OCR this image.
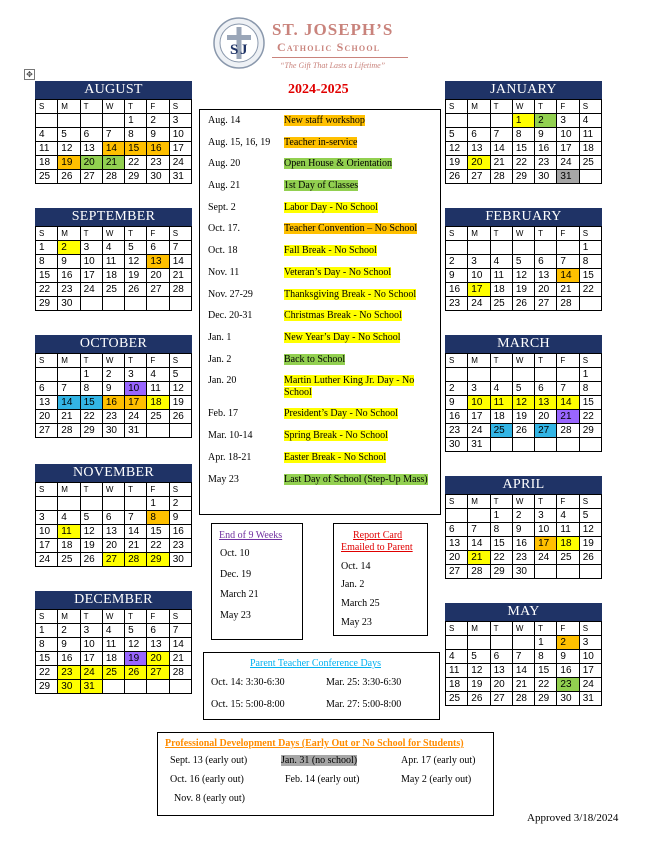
S J
ST. JOSEPH’S
Catholic School
“The Gift That Lasts a Lifetime”
2024-2025
✥
AUGUST
S	M	T	W	T	F	S
				1	2	3
4	5	6	7	8	9	10
11	12	13	14	15	16	17
18	19	20	21	22	23	24
25	26	27	28	29	30	31
SEPTEMBER
S	M	T	W	T	F	S
1	2	3	4	5	6	7
8	9	10	11	12	13	14
15	16	17	18	19	20	21
22	23	24	25	26	27	28
29	30					
OCTOBER
S	M	T	W	T	F	S
		1	2	3	4	5
6	7	8	9	10	11	12
13	14	15	16	17	18	19
20	21	22	23	24	25	26
27	28	29	30	31		
NOVEMBER
S	M	T	W	T	F	S
					1	2
3	4	5	6	7	8	9
10	11	12	13	14	15	16
17	18	19	20	21	22	23
24	25	26	27	28	29	30
DECEMBER
S	M	T	W	T	F	S
1	2	3	4	5	6	7
8	9	10	11	12	13	14
15	16	17	18	19	20	21
22	23	24	25	26	27	28
29	30	31				
JANUARY
S	M	T	W	T	F	S
			1	2	3	4
5	6	7	8	9	10	11
12	13	14	15	16	17	18
19	20	21	22	23	24	25
26	27	28	29	30	31	
FEBRUARY
S	M	T	W	T	F	S
						1
2	3	4	5	6	7	8
9	10	11	12	13	14	15
16	17	18	19	20	21	22
23	24	25	26	27	28	
MARCH
S	M	T	W	T	F	S
						1
2	3	4	5	6	7	8
9	10	11	12	13	14	15
16	17	18	19	20	21	22
23	24	25	26	27	28	29
30	31					
APRIL
S	M	T	W	T	F	S
		1	2	3	4	5
6	7	8	9	10	11	12
13	14	15	16	17	18	19
20	21	22	23	24	25	26
27	28	29	30			
MAY
S	M	T	W	T	F	S
				1	2	3
4	5	6	7	8	9	10
11	12	13	14	15	16	17
18	19	20	21	22	23	24
25	26	27	28	29	30	31
Aug. 14	New staff workshop
Aug. 15, 16, 19 Teacher in-service
Aug. 20	Open House & Orientation
Aug. 21	1st Day of Classes
Sept. 2	Labor Day - No School
Oct. 17.	Teacher Convention – No School
Oct. 18	Fall Break - No School
Nov. 11	Veteran’s Day - No School
Nov. 27-29	Thanksgiving Break - No School
Dec. 20-31	Christmas Break - No School
Jan. 1	New Year’s Day - No School
Jan. 2	Back to School
Jan. 20	Martin Luther King Jr. Day - No School
Feb. 17	President’s Day - No School
Mar. 10-14	Spring Break - No School
Apr. 18-21	Easter Break - No School
May 23	Last Day of School (Step-Up Mass)
End of 9 Weeks
Oct. 10
Dec. 19
March 21
May 23
Report Card
Emailed to Parent
Oct. 14
Jan. 2
March 25
May 23
Parent Teacher Conference Days
Oct. 14: 3:30-6:30	Mar. 25: 3:30-6:30
Oct. 15: 5:00-8:00	Mar. 27: 5:00-8:00
Professional Development Days (Early Out or No School for Students)
Sept. 13 (early out)	Jan. 31 (no school)	Apr. 17 (early out)
Oct. 16 (early out)	Feb. 14 (early out)	May 2 (early out)
Nov. 8 (early out)
Approved 3/18/2024
